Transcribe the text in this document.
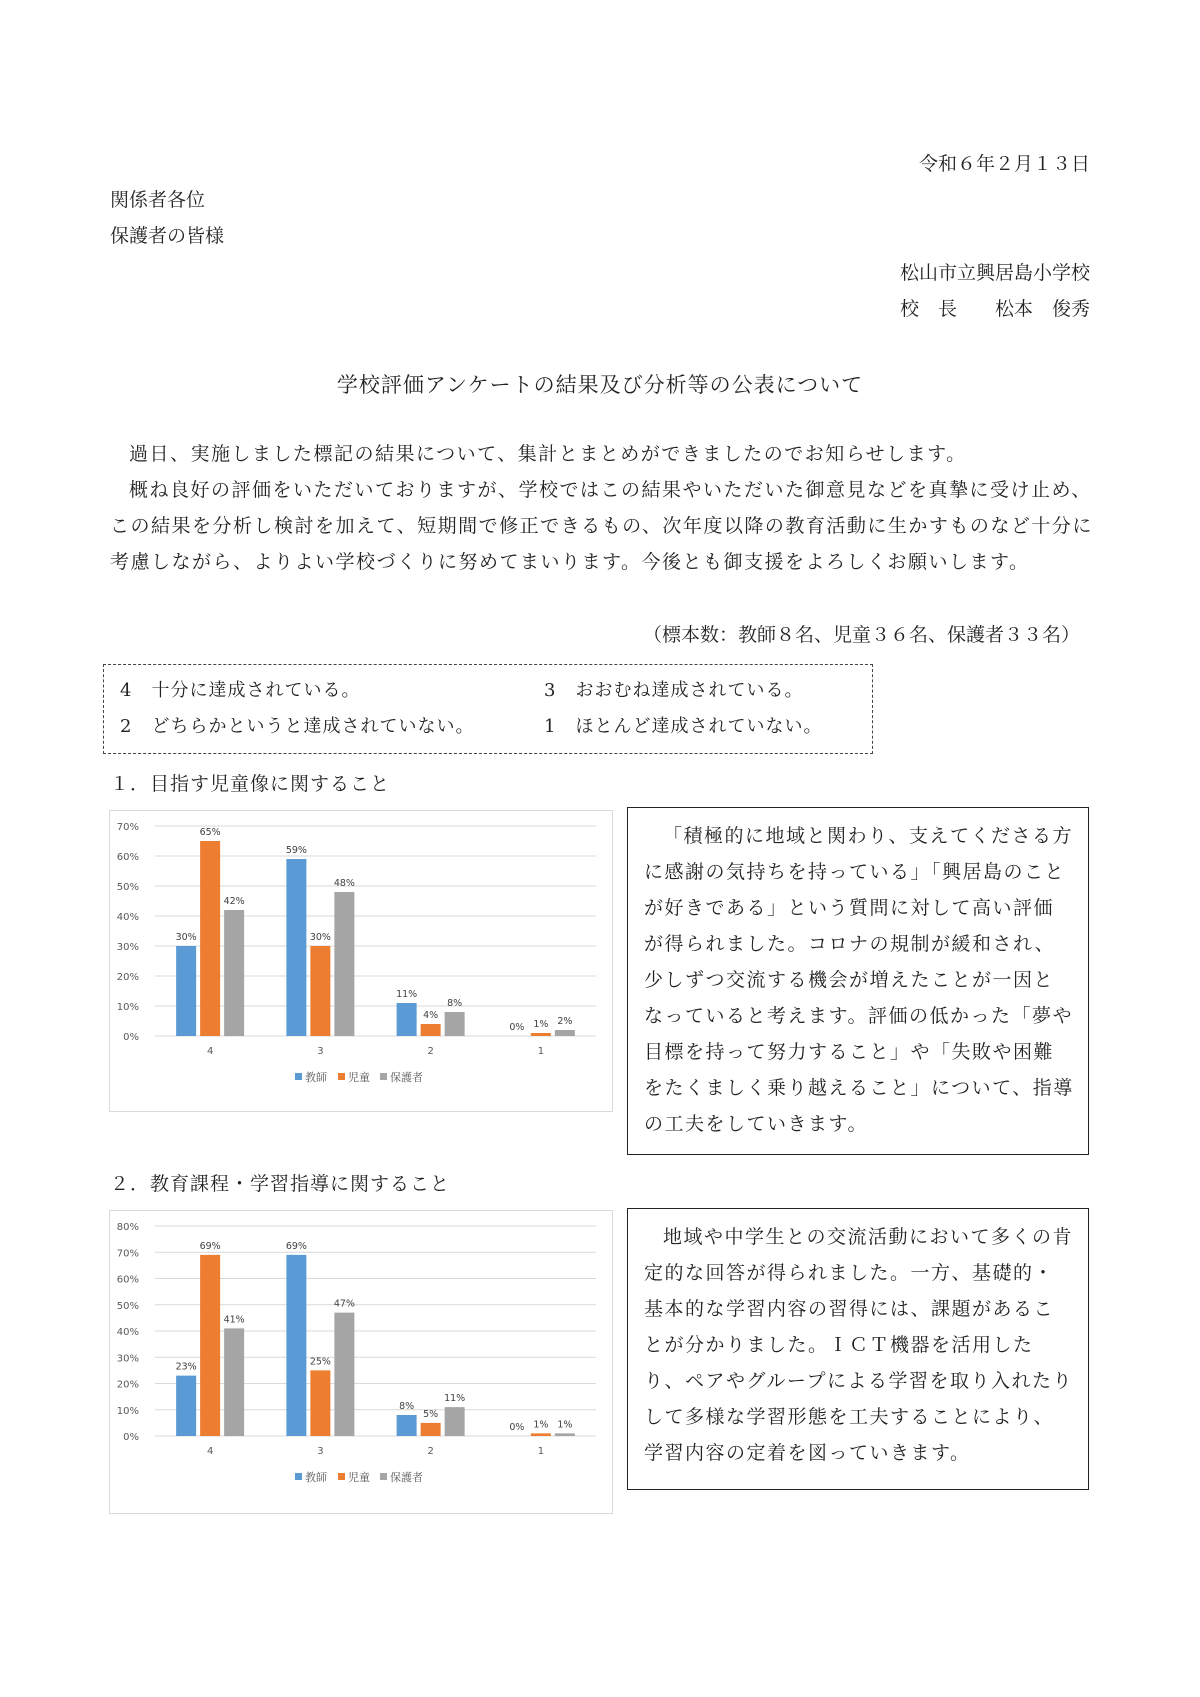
令和６年２月１３日
関係者各位
保護者の皆様
松山市立興居島小学校
校　長　　松本　俊秀
学校評価アンケートの結果及び分析等の公表について

過日、実施しました標記の結果について、集計とまとめができましたのでお知らせします。

概ね良好の評価をいただいておりますが、学校ではこの結果やいただいた御意見などを真摯に受け止め、この結果を分析し検討を加えて、短期間で修正できるもの、次年度以降の教育活動に生かすものなど十分に考慮しながら、よりよい学校づくりに努めてまいります。今後とも御支援をよろしくお願いします。

（標本数：教師８名、児童３６名、保護者３３名）
4　十分に達成されている。	3　おおむね達成されている。
2　どちらかというと達成されていない。	1　ほとんど達成されていない。
１．目指す児童像に関すること
0%
10%
20%
30%
40%
50%
60%
70%
4
30%
65%
42%
3
59%
30%
48%
2
11%
4%
8%
1
0% 1% 2%
教師 児童 保護者

「積極的に地域と関わり、支えてくださる方に感謝の気持ちを持っている」「興居島のことが好きである」という質問に対して高い評価が得られました。コロナの規制が緩和され、少しずつ交流する機会が増えたことが一因となっていると考えます。評価の低かった「夢や目標を持って努力すること」や「失敗や困難をたくましく乗り越えること」について、指導の工夫をしていきます。

２．教育課程・学習指導に関すること
0%
10%
20%
30%
40%
50%
60%
70%
80%
4
23%
69%
41%
3
69%
25%
47%
2
8%
5%
11%
1
0% 1% 1%
教師 児童 保護者

地域や中学生との交流活動において多くの肯定的な回答が得られました。一方、基礎的・基本的な学習内容の習得には、課題があることが分かりました。ＩＣＴ機器を活用したり、ペアやグループによる学習を取り入れたりして多様な学習形態を工夫することにより、学習内容の定着を図っていきます。
